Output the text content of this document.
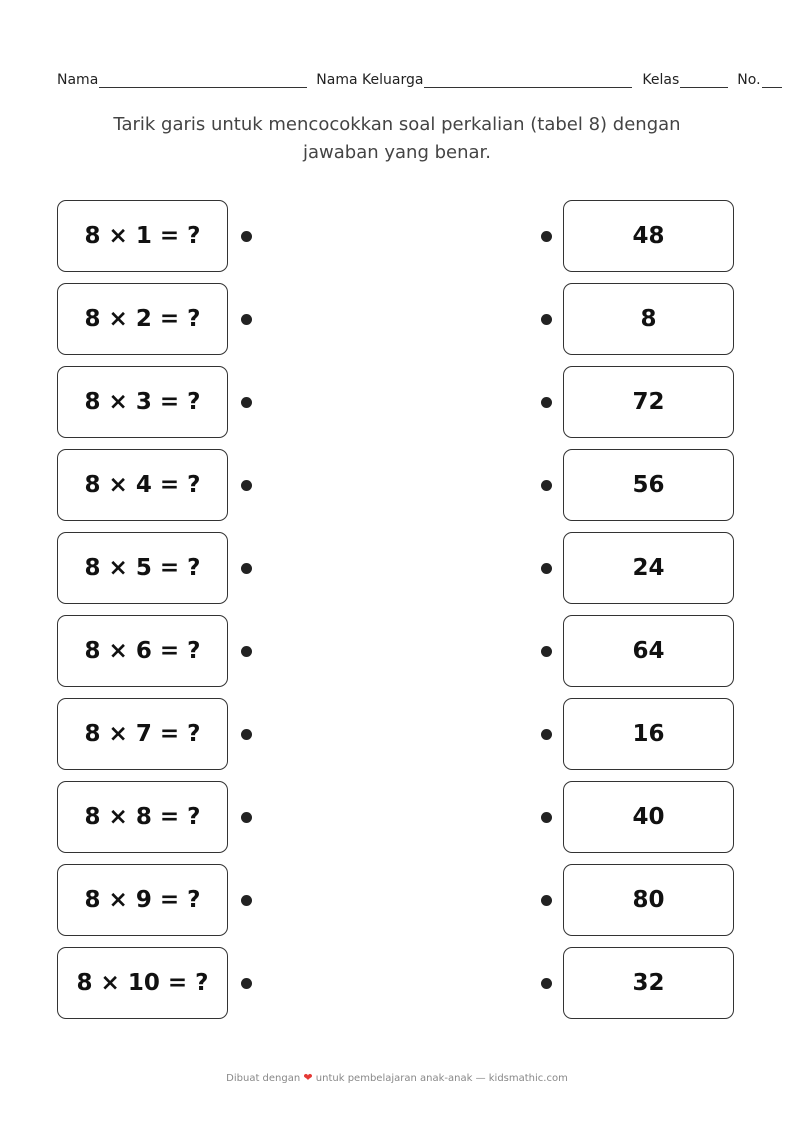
Nama	Nama Keluarga	Kelas	No.
Tarik garis untuk mencocokkan soal perkalian (tabel 8) dengan
jawaban yang benar.
8 × 1 = ?
8 × 2 = ?
8 × 3 = ?
8 × 4 = ?
8 × 5 = ?
8 × 6 = ?
8 × 7 = ?
8 × 8 = ?
8 × 9 = ?
8 × 10 = ?
48
8
72
56
24
64
16
40
80
32
Dibuat dengan ❤ untuk pembelajaran anak-anak — kidsmathic.com
